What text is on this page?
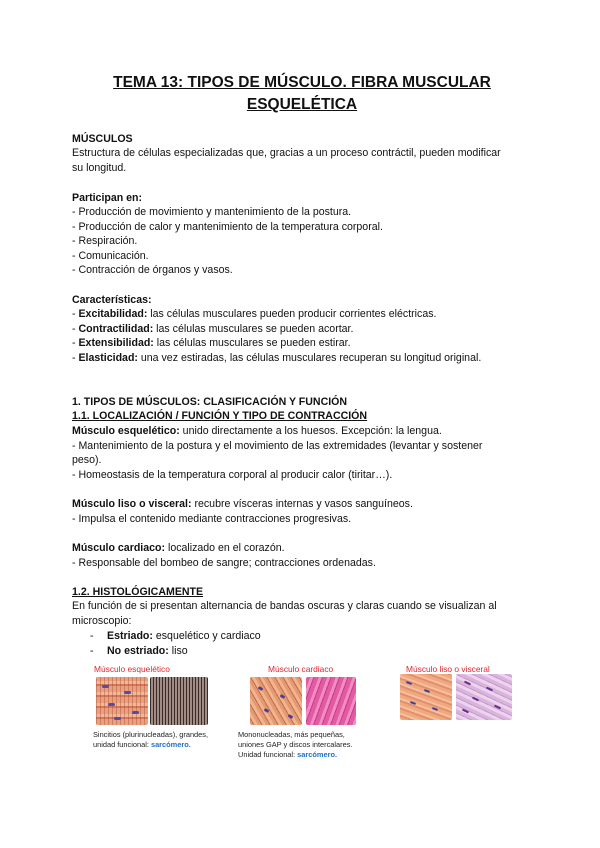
TEMA 13: TIPOS DE MÚSCULO. FIBRA MUSCULAR
ESQUELÉTICA
MÚSCULOS
Estructura de células especializadas que, gracias a un proceso contráctil, pueden modificar
su longitud.
Participan en:
- Producción de movimiento y mantenimiento de la postura.
- Producción de calor y mantenimiento de la temperatura corporal.
- Respiración.
- Comunicación.
- Contracción de órganos y vasos.
Características:
- Excitabilidad: las células musculares pueden producir corrientes eléctricas.
- Contractilidad: las células musculares se pueden acortar.
- Extensibilidad: las células musculares se pueden estirar.
- Elasticidad: una vez estiradas, las células musculares recuperan su longitud original.
1. TIPOS DE MÚSCULOS: CLASIFICACIÓN Y FUNCIÓN
1.1. LOCALIZACIÓN / FUNCIÓN Y TIPO DE CONTRACCIÓN
Músculo esquelético: unido directamente a los huesos. Excepción: la lengua.
- Mantenimiento de la postura y el movimiento de las extremidades (levantar y sostener
peso).
- Homeostasis de la temperatura corporal al producir calor (tiritar…).
Músculo liso o visceral: recubre vísceras internas y vasos sanguíneos.
- Impulsa el contenido mediante contracciones progresivas.
Músculo cardiaco: localizado en el corazón.
- Responsable del bombeo de sangre; contracciones ordenadas.
1.2. HISTOLÓGICAMENTE
En función de si presentan alternancia de bandas oscuras y claras cuando se visualizan al
microscopio:
- Estriado: esquelético y cardiaco
- No estriado: liso
Músculo esquelético	Músculo cardiaco	Músculo liso o visceral
Sincitios (plurinucleadas), grandes,
unidad funcional: sarcómero.
Mononucleadas, más pequeñas,
uniones GAP y discos intercalares.
Unidad funcional: sarcómero.
